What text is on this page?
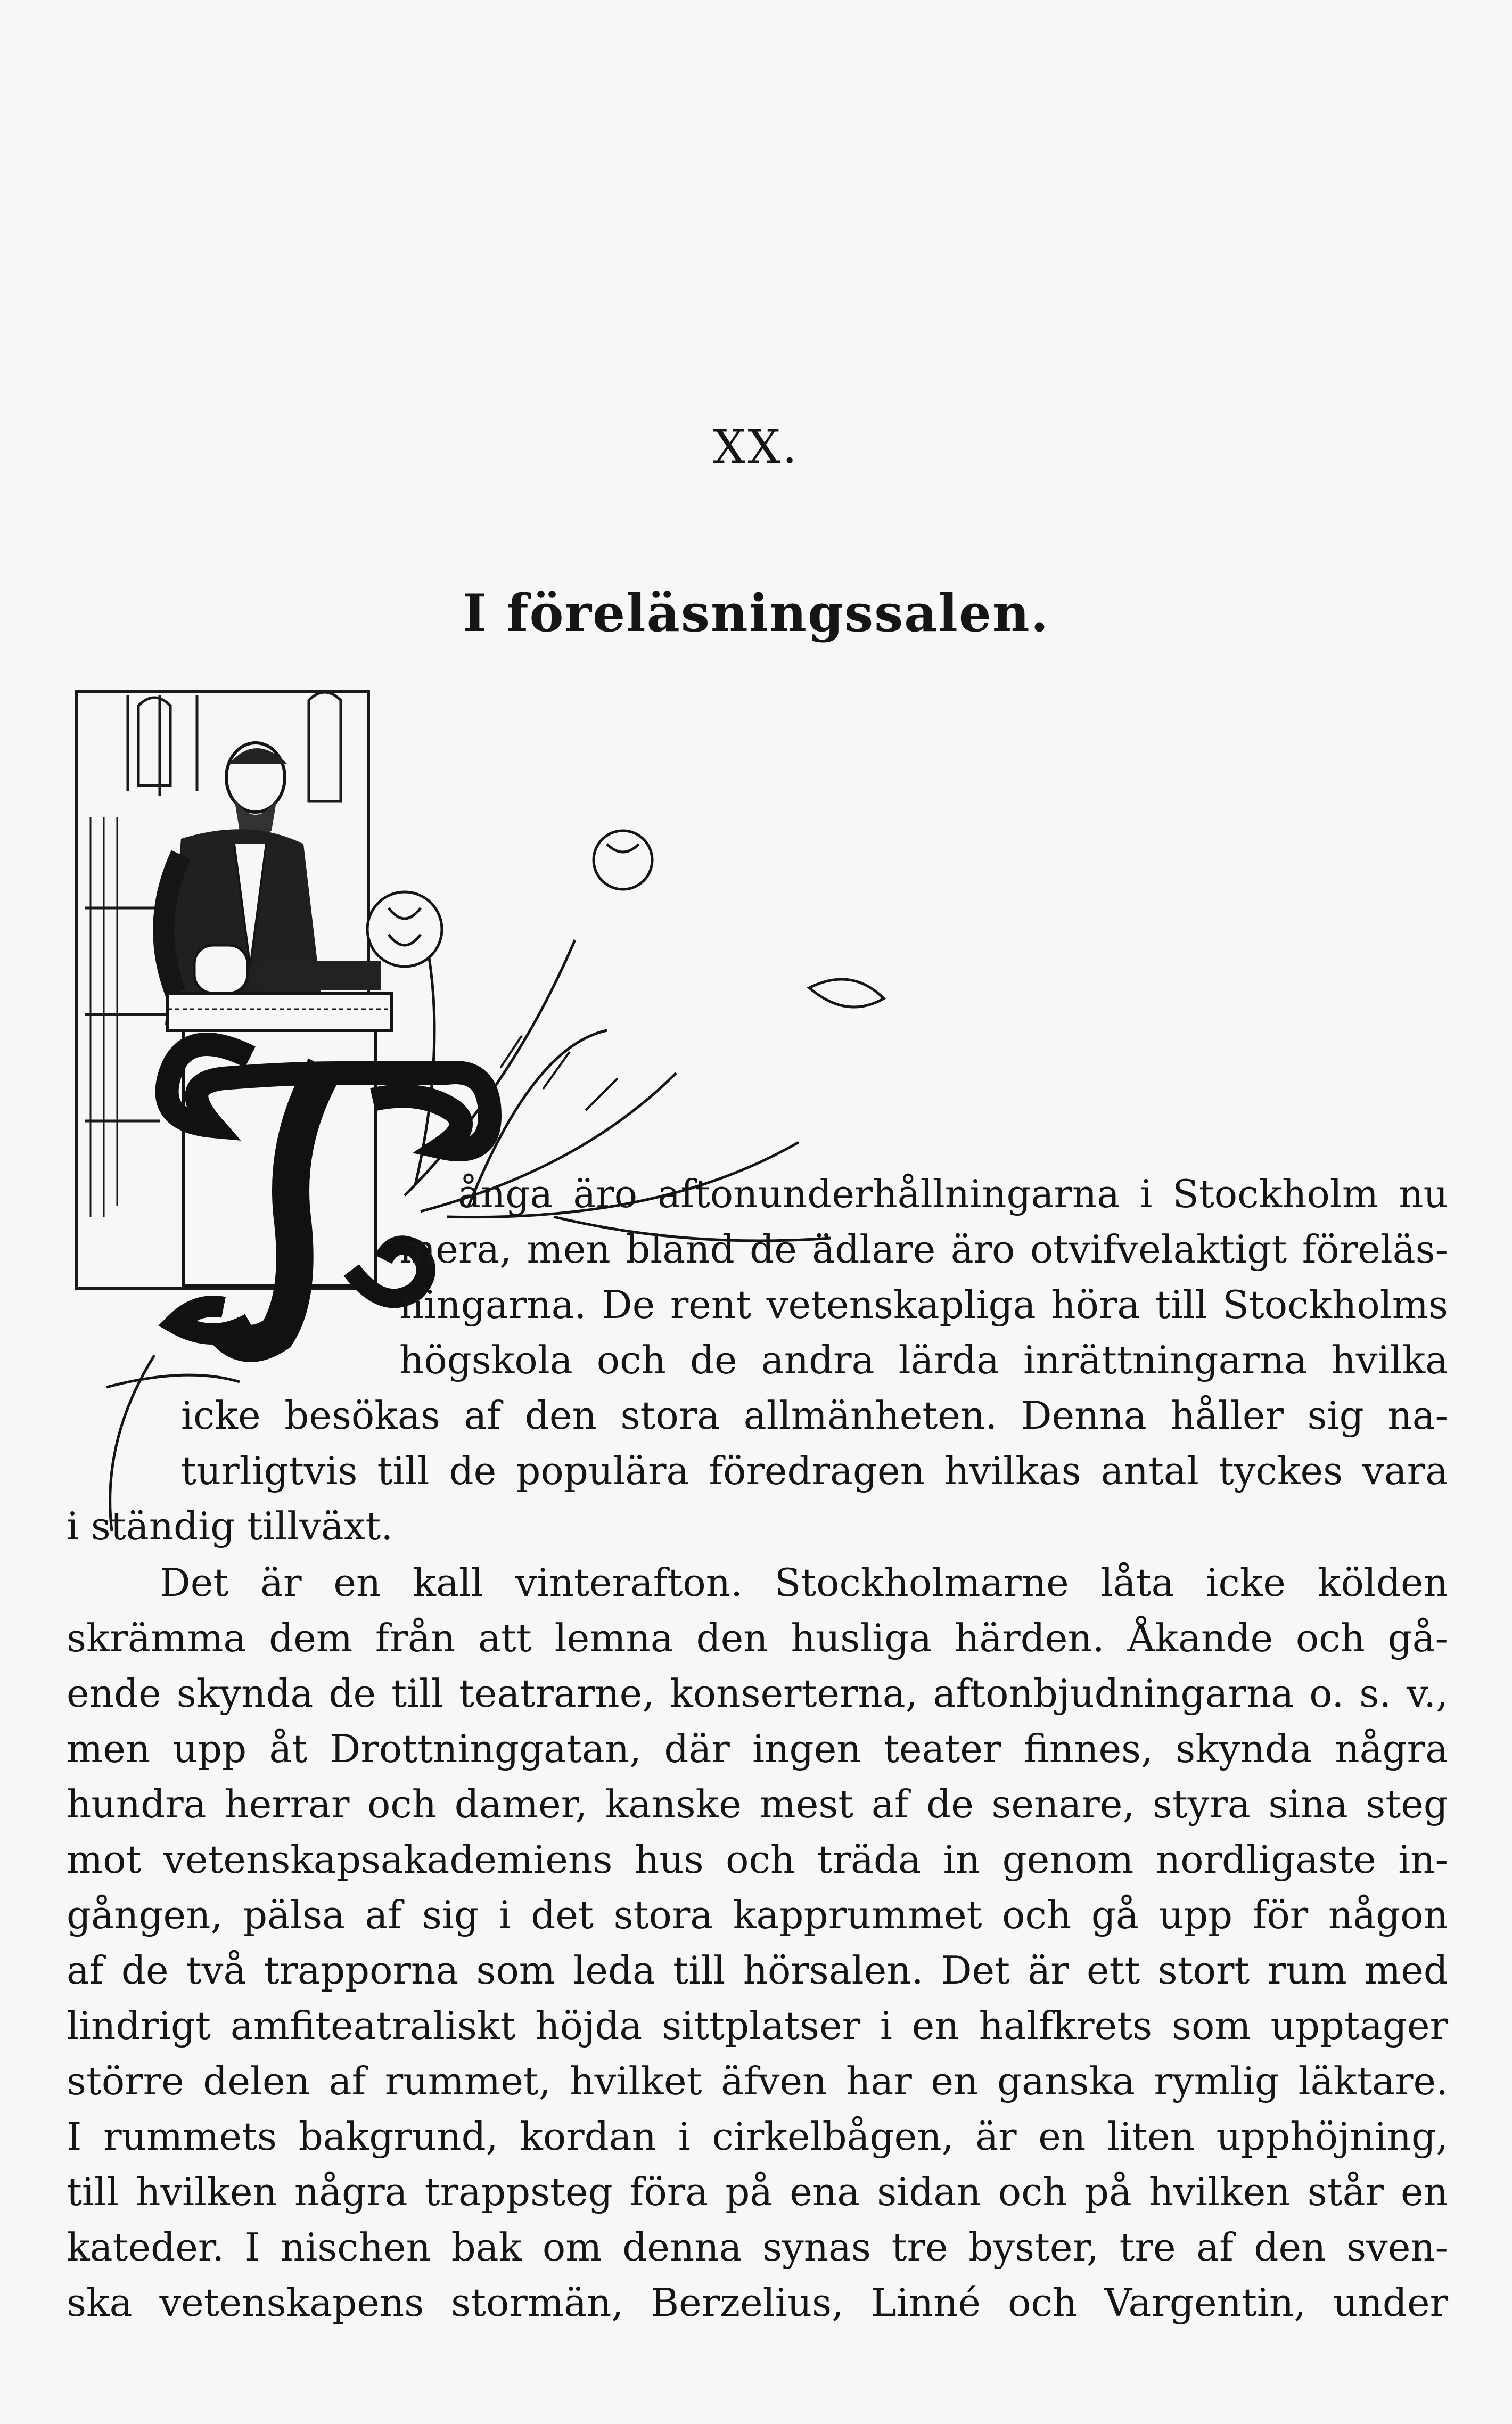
XX.
I föreläsningssalen.
T
ånga äro aftonunderhållningarna i Stockholm nu
mera, men bland de ädlare äro otvifvelaktigt föreläs-
ningarna. De rent vetenskapliga höra till Stockholms
högskola och de andra lärda inrättningarna hvilka
icke besökas af den stora allmänheten. Denna håller sig na-
turligtvis till de populära föredragen hvilkas antal tyckes vara
i ständig tillväxt.
Det är en kall vinterafton. Stockholmarne låta icke kölden
skrämma dem från att lemna den husliga härden. Åkande och gå-
ende skynda de till teatrarne, konserterna, aftonbjudningarna o. s. v.,
men upp åt Drottninggatan, där ingen teater finnes, skynda några
hundra herrar och damer, kanske mest af de senare, styra sina steg
mot vetenskapsakademiens hus och träda in genom nordligaste in-
gången, pälsa af sig i det stora kapprummet och gå upp för någon
af de två trapporna som leda till hörsalen. Det är ett stort rum med
lindrigt amfiteatraliskt höjda sittplatser i en halfkrets som upptager
större delen af rummet, hvilket äfven har en ganska rymlig läktare.
I rummets bakgrund, kordan i cirkelbågen, är en liten upphöjning,
till hvilken några trappsteg föra på ena sidan och på hvilken står en
kateder. I nischen bak om denna synas tre byster, tre af den sven-
ska vetenskapens stormän, Berzelius, Linné och Vargentin, under
